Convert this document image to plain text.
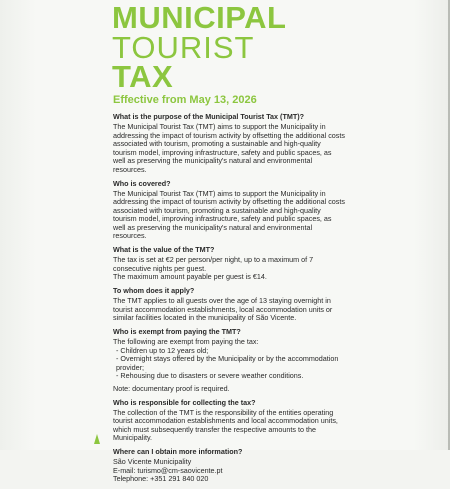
MUNICIPAL
TOURIST
TAX
Effective from May 13, 2026
What is the purpose of the Municipal Tourist Tax (TMT)?
The Municipal Tourist Tax (TMT) aims to support the Municipality in addressing the impact of tourism activity by offsetting the additional costs associated with tourism, promoting a sustainable and high-quality tourism model, improving infrastructure, safety and public spaces, as well as preserving the municipality's natural and environmental resources.
Who is covered?
The Municipal Tourist Tax (TMT) aims to support the Municipality in addressing the impact of tourism activity by offsetting the additional costs associated with tourism, promoting a sustainable and high-quality tourism model, improving infrastructure, safety and public spaces, as well as preserving the municipality's natural and environmental resources.
What is the value of the TMT?
The tax is set at €2 per person/per night, up to a maximum of 7 consecutive nights per guest.
The maximum amount payable per guest is €14.
To whom does it apply?
The TMT applies to all guests over the age of 13 staying overnight in tourist accommodation establishments, local accommodation units or similar facilities located in the municipality of São Vicente.
Who is exempt from paying the TMT?
The following are exempt from paying the tax:
- Children up to 12 years old;
- Overnight stays offered by the Municipality or by the accommodation provider;
- Rehousing due to disasters or severe weather conditions.
Note: documentary proof is required.
Who is responsible for collecting the tax?
The collection of the TMT is the responsibility of the entities operating tourist accommodation establishments and local accommodation units, which must subsequently transfer the respective amounts to the Municipality.
Where can I obtain more information?
São Vicente Municipality
E-mail: turismo@cm-saovicente.pt
Telephone: +351 291 840 020
